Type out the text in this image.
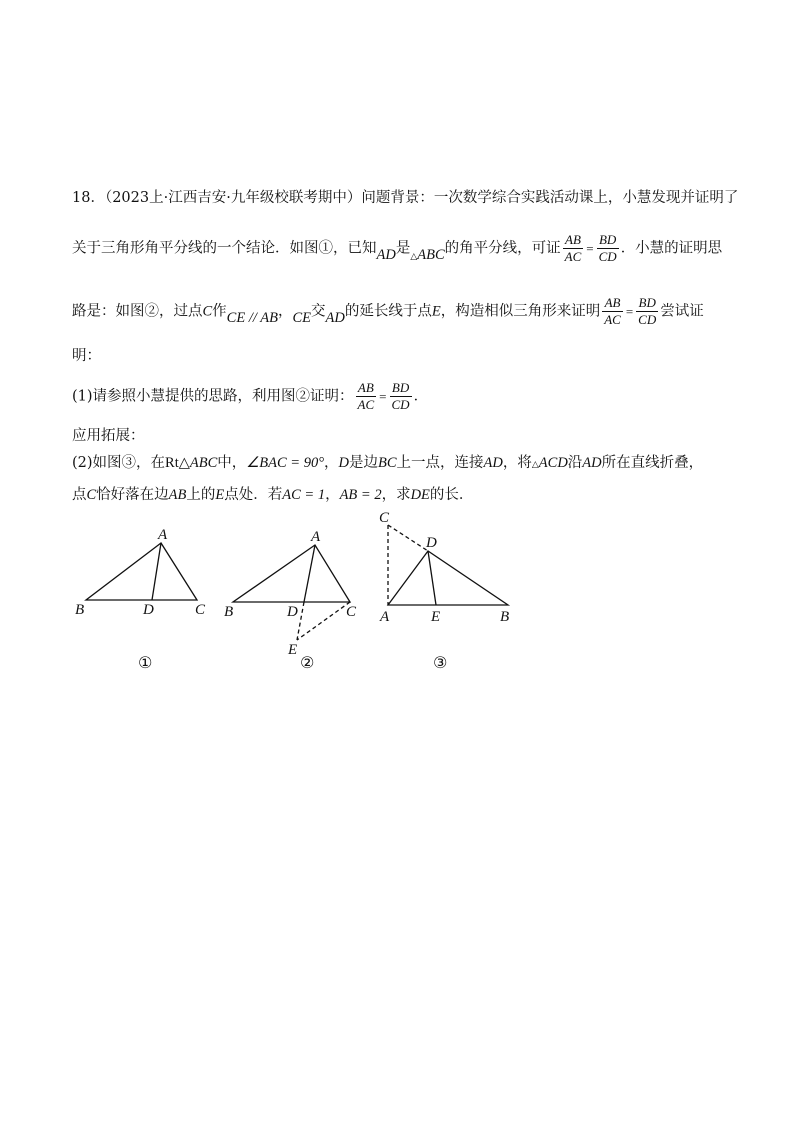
18．（2023上·江西吉安·九年级校联考期中）问题背景：一次数学综合实践活动课上，小慧发现并证明了
关于三角形角平分线的一个结论．如图①，已知AD是$_\triangle$ABC的角平分线，可证 $\frac{AB}{AC} = \frac{BD}{CD}$ ．小慧的证明思
路是：如图②，过点C作CE // AB，CE交AD的延长线于点E，构造相似三角形来证明 $\frac{AB}{AC} = \frac{BD}{CD}$ 尝试证
明：
(1)请参照小慧提供的思路，利用图②证明： $\frac{AB}{AC} = \frac{BD}{CD}$ ．
应用拓展：
(2)如图③，在Rt△ABC中，∠BAC = 90°，D是边BC上一点，连接AD，将△ACD沿AD所在直线折叠，
点C恰好落在边AB上的E点处．若AC = 1，AB = 2，求DE的长．
A
B	D	C
①
A
B	D	C
E
②
C
D
A	E	B
③
